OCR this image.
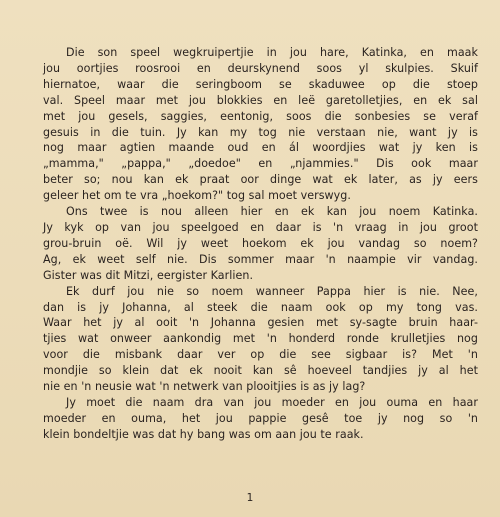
Die son speel wegkruipertjie in jou hare, Katinka, en maak
jou oortjies roosrooi en deurskynend soos yl skulpies. Skuif
hiernatoe, waar die seringboom se skaduwee op die stoep
val. Speel maar met jou blokkies en leë garetolletjies, en ek sal
met jou gesels, saggies, eentonig, soos die sonbesies se veraf
gesuis in die tuin. Jy kan my tog nie verstaan nie, want jy is
nog maar agtien maande oud en ál woordjies wat jy ken is
„mamma," „pappa," „doedoe" en „njammies." Dis ook maar
beter so; nou kan ek praat oor dinge wat ek later, as jy eers
geleer het om te vra „hoekom?" tog sal moet verswyg.

Ons twee is nou alleen hier en ek kan jou noem Katinka.
Jy kyk op van jou speelgoed en daar is 'n vraag in jou groot
grou-bruin oë. Wil jy weet hoekom ek jou vandag so noem?
Ag, ek weet self nie. Dis sommer maar 'n naampie vir vandag.
Gister was dit Mitzi, eergister Karlien.

Ek durf jou nie so noem wanneer Pappa hier is nie. Nee,
dan is jy Johanna, al steek die naam ook op my tong vas.
Waar het jy al ooit 'n Johanna gesien met sy-sagte bruin haar-
tjies wat onweer aankondig met 'n honderd ronde krulletjies nog
voor die misbank daar ver op die see sigbaar is? Met 'n
mondjie so klein dat ek nooit kan sê hoeveel tandjies jy al het
nie en 'n neusie wat 'n netwerk van plooitjies is as jy lag?

Jy moet die naam dra van jou moeder en jou ouma en haar
moeder en ouma, het jou pappie gesê toe jy nog so 'n
klein bondeltjie was dat hy bang was om aan jou te raak.

1
